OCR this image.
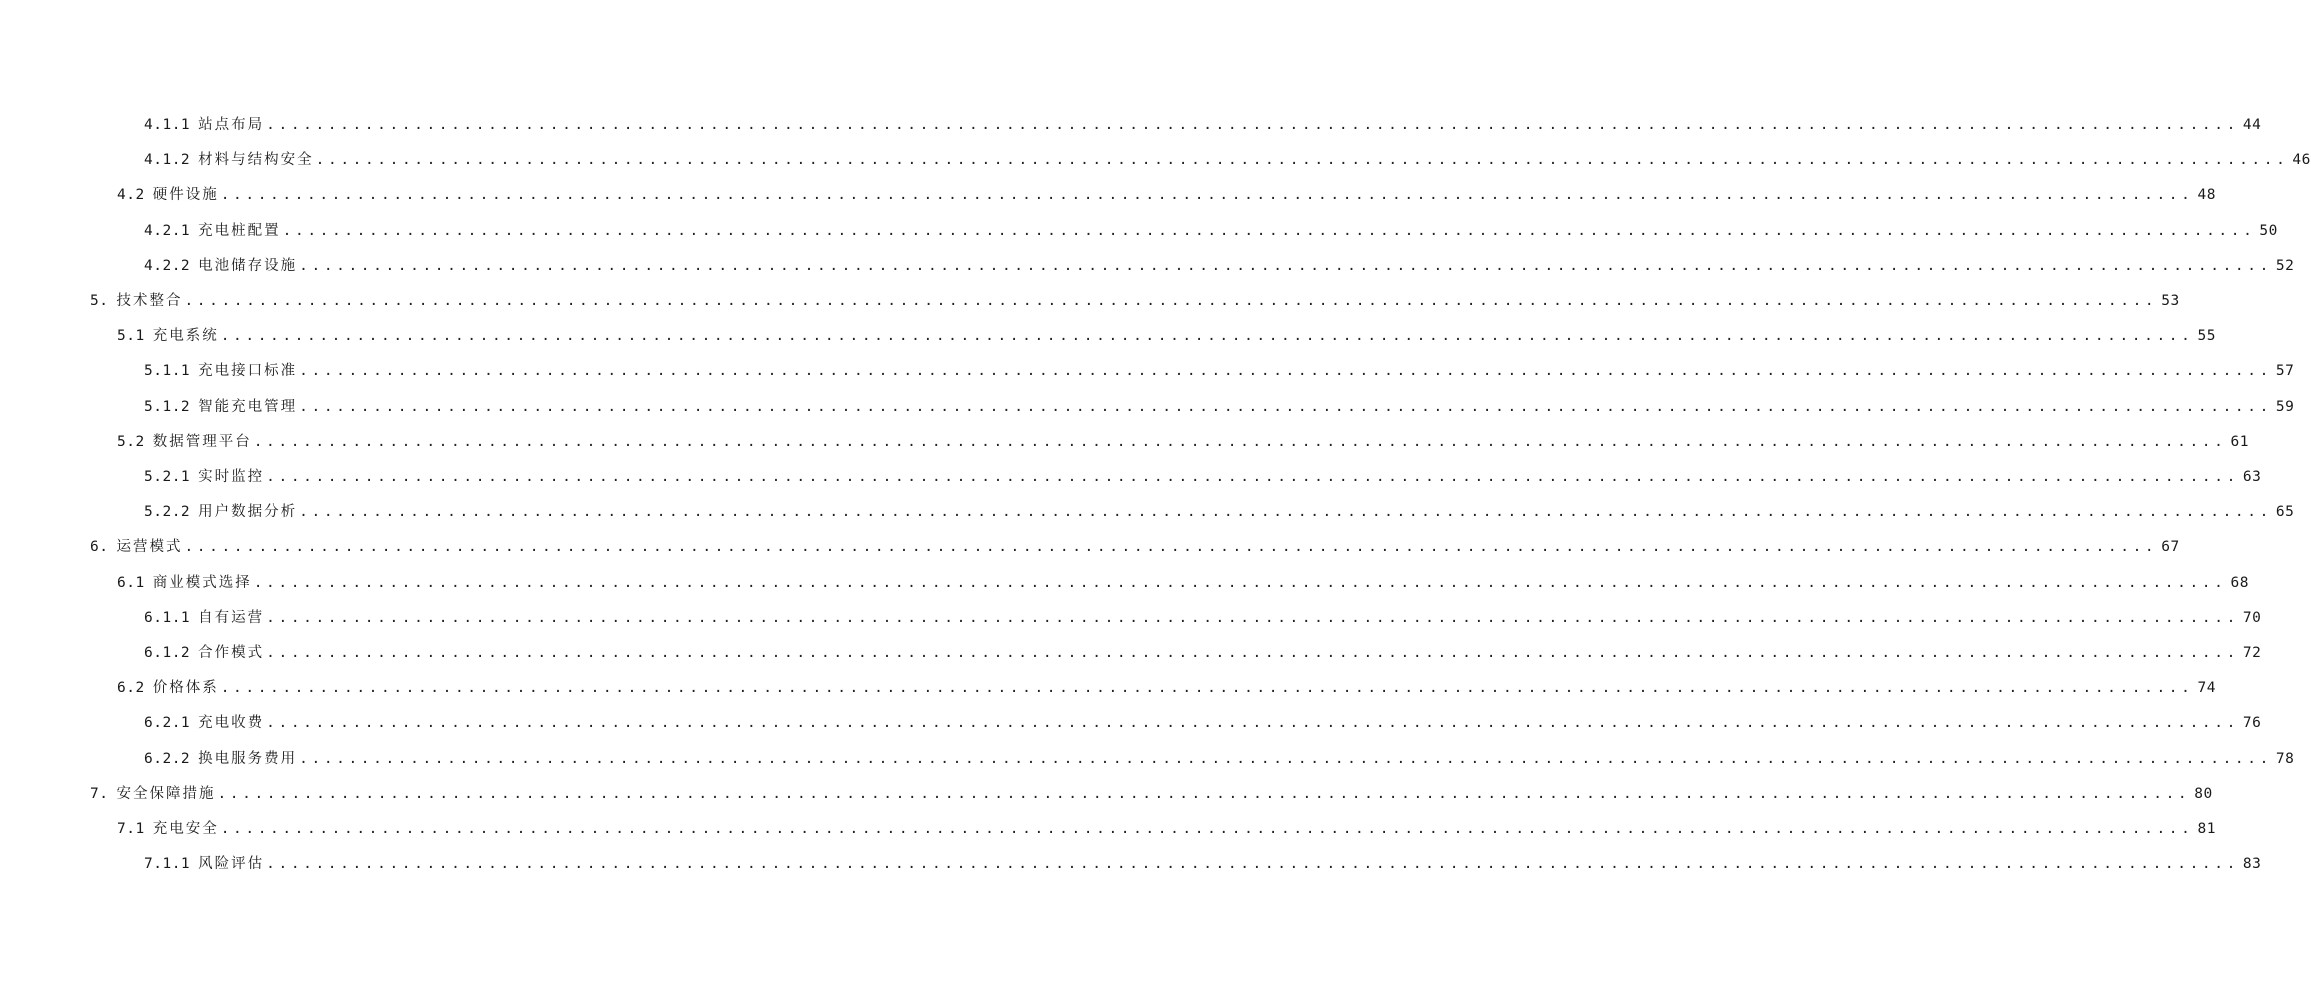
4.1.1 站点布局 ................................................................................................................................................................ 44
4.1.2 材料与结构安全 ................................................................................................................................................................ 46
4.2 硬件设施 ................................................................................................................................................................ 48
4.2.1 充电桩配置 ................................................................................................................................................................ 50
4.2.2 电池储存设施 ................................................................................................................................................................ 52
5. 技术整合 ................................................................................................................................................................ 53
5.1 充电系统 ................................................................................................................................................................ 55
5.1.1 充电接口标准 ................................................................................................................................................................ 57
5.1.2 智能充电管理 ................................................................................................................................................................ 59
5.2 数据管理平台 ................................................................................................................................................................ 61
5.2.1 实时监控 ................................................................................................................................................................ 63
5.2.2 用户数据分析 ................................................................................................................................................................ 65
6. 运营模式 ................................................................................................................................................................ 67
6.1 商业模式选择 ................................................................................................................................................................ 68
6.1.1 自有运营 ................................................................................................................................................................ 70
6.1.2 合作模式 ................................................................................................................................................................ 72
6.2 价格体系 ................................................................................................................................................................ 74
6.2.1 充电收费 ................................................................................................................................................................ 76
6.2.2 换电服务费用 ................................................................................................................................................................ 78
7. 安全保障措施 ................................................................................................................................................................ 80
7.1 充电安全 ................................................................................................................................................................ 81
7.1.1 风险评估 ................................................................................................................................................................ 83
